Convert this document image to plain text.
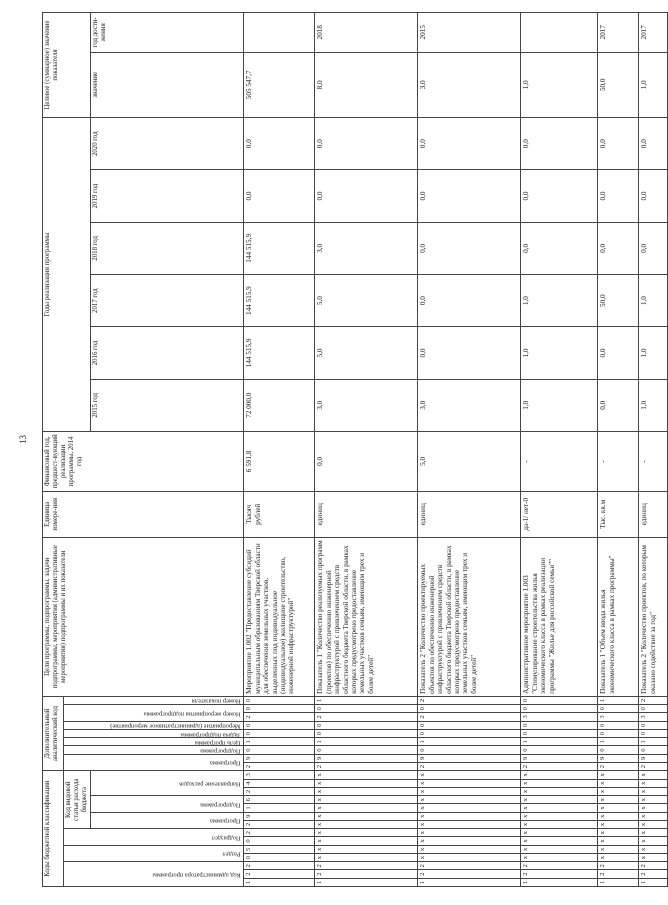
13
Коды бюджетной классификации														Дополнительный аналитический код									Цели программы, подпрограммы, задачи подпрограммы, мероприятия (административные мероприятия) подпрограммы и их показатели	Единица измере-ния	Финансовый год, предшест-вующий реализации программы, 2014 год	Годы реализации программы						Целевое (суммарное) значение показателя	

Код администратора программы			Раздел		Подраздел		Код видовой статьи расхода бюджета							Программа		Подпрограмма	Цель программы	Задача подпрограммы	Мероприятие (административное мероприятие)	Номер мероприятия подпрограммы		Номер показателя											

							Программа		Подпрограмма		Направление расходов															2015 год	2016 год	2017 год	2018 год	2019 год	2020 год	значение	год дости-жения
1	2	2	0	5	0	2	2	9	1	6	2	4	3	2	9	0	1	0	0	2	0	0	Мероприятие 1.002 "Предоставление субсидий муниципальным образованиям Тверской области для обеспечения земельных участков, выделенных под индивидуальное (индивидуальное) жилищное строительство, инженерной инфраструктурой"	Тысяч рублей	6 591,8	72 000,0	144 515,9	144 515,9	144 515,9	0,0	0,0	505 547,7	
1	2	2	х	х	х	х	х	х	х	х	х	х	х	2	9	0	1	0	0	2	0	1	Показатель 1 "Количество реализуемых программ (проектов) по обеспечению инженерной инфраструктурой с привлечением средств областного бюджета Тверской области, в рамках которых предусмотрено предоставление земельных участков семьям, имеющим трех и более детей"	единиц	0,0	3,0	5,0	5,0	3,0	0,0	0,0	8,0	2018
1	2	2	х	х	х	х	х	х	х	х	х	х	х	2	9	0	1	0	0	2	0	2	Показатель 2 "Количество проектируемых объектов по обеспечению инженерной инфраструктурой с привлечением средств областного бюджета Тверской области, в рамках которых предусмотрено предоставление земельных участков семьям, имеющим трех и более детей"	единиц	5,0	3,0	0,0	0,0	0,0	0,0	0,0	3,0	2015
1	2	2	х	х	х	х	х	х	х	х	х	х	х	2	9	0	1	0	0	3	0	0	Административное мероприятие 1.003 "Стимулирование строительства жилья экономического класса в рамках реализации программы "Жилье для российской семьи""	да-1/ нет-0	-	1,0	1,0	1,0	0,0	0,0	0,0	1,0	
1	2	2	х	х	х	х	х	х	х	х	х	х	х	2	9	0	1	0	0	3	0	1	Показатель 1 "Объем ввода жилья экономического класса в рамках программы"	Тыс. кв.м	-	0,0	0,0	50,0	0,0	0,0	0,0	50,0	2017
1	2	2	х	х	х	х	х	х	х	х	х	х	х	2	9	0	1	0	0	3	0	2	Показатель 2 "Количество проектов, по которым оказано содействие за год"	единиц	-	1,0	1,0	1,0	0,0	0,0	0,0	1,0	2017
